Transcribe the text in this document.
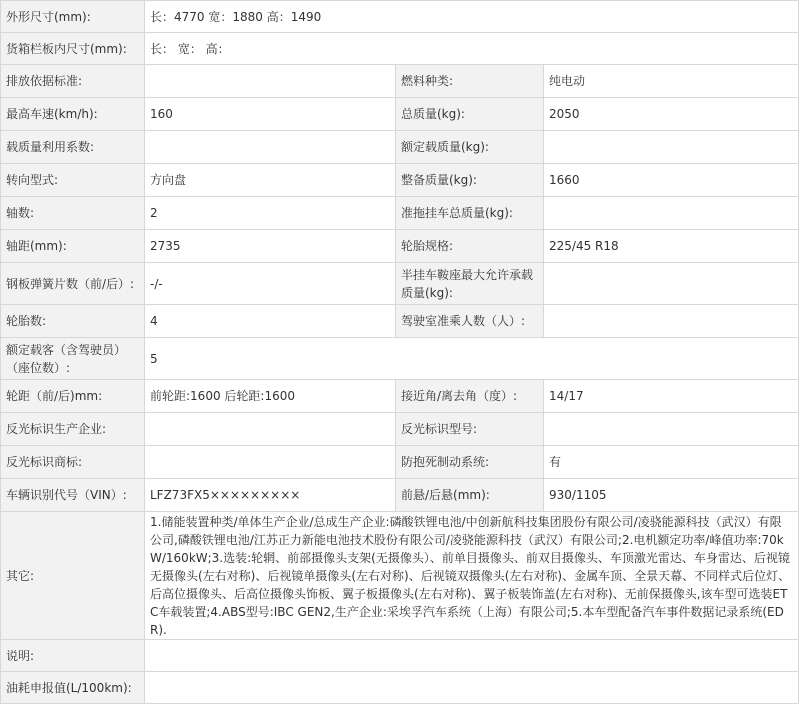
外形尺寸(mm):	长：4770 宽：1880 高：1490		
货箱栏板内尺寸(mm):	长： 宽： 高：		
排放依据标准:		燃料种类:	纯电动
最高车速(km/h):	160	总质量(kg):	2050
载质量利用系数:		额定载质量(kg):	
转向型式:	方向盘	整备质量(kg):	1660
轴数:	2	准拖挂车总质量(kg):	
轴距(mm):	2735	轮胎规格:	225/45 R18
钢板弹簧片数（前/后）:	-/-	半挂车鞍座最大允许承载质量(kg):	
轮胎数:	4	驾驶室准乘人数（人）:	
额定载客（含驾驶员）（座位数）:	5		
轮距（前/后)mm:	前轮距:1600 后轮距:1600	接近角/离去角（度）:	14/17
反光标识生产企业:		反光标识型号:	
反光标识商标:		防抱死制动系统:	有
车辆识别代号（VIN）:	LFZ73FX5×××××××××	前悬/后悬(mm):	930/1105
其它:	1.储能装置种类/单体生产企业/总成生产企业:磷酸铁锂电池/中创新航科技集团股份有限公司/凌骁能源科技（武汉）有限公司,磷酸铁锂电池/江苏正力新能电池技术股份有限公司/凌骁能源科技（武汉）有限公司;2.电机额定功率/峰值功率:70kW/160kW;3.选装:轮辋、前部摄像头支架(无摄像头）、前单目摄像头、前双目摄像头、车顶激光雷达、车身雷达、后视镜无摄像头(左右对称)、后视镜单摄像头(左右对称)、后视镜双摄像头(左右对称)、金属车顶、全景天幕、不同样式后位灯、后高位摄像头、后高位摄像头饰板、翼子板摄像头(左右对称)、翼子板装饰盖(左右对称)、无前保摄像头,该车型可选装ETC车载装置;4.ABS型号:IBC GEN2,生产企业:采埃孚汽车系统（上海）有限公司;5.本车型配备汽车事件数据记录系统(EDR).		
说明:			
油耗申报值(L/100km):			
